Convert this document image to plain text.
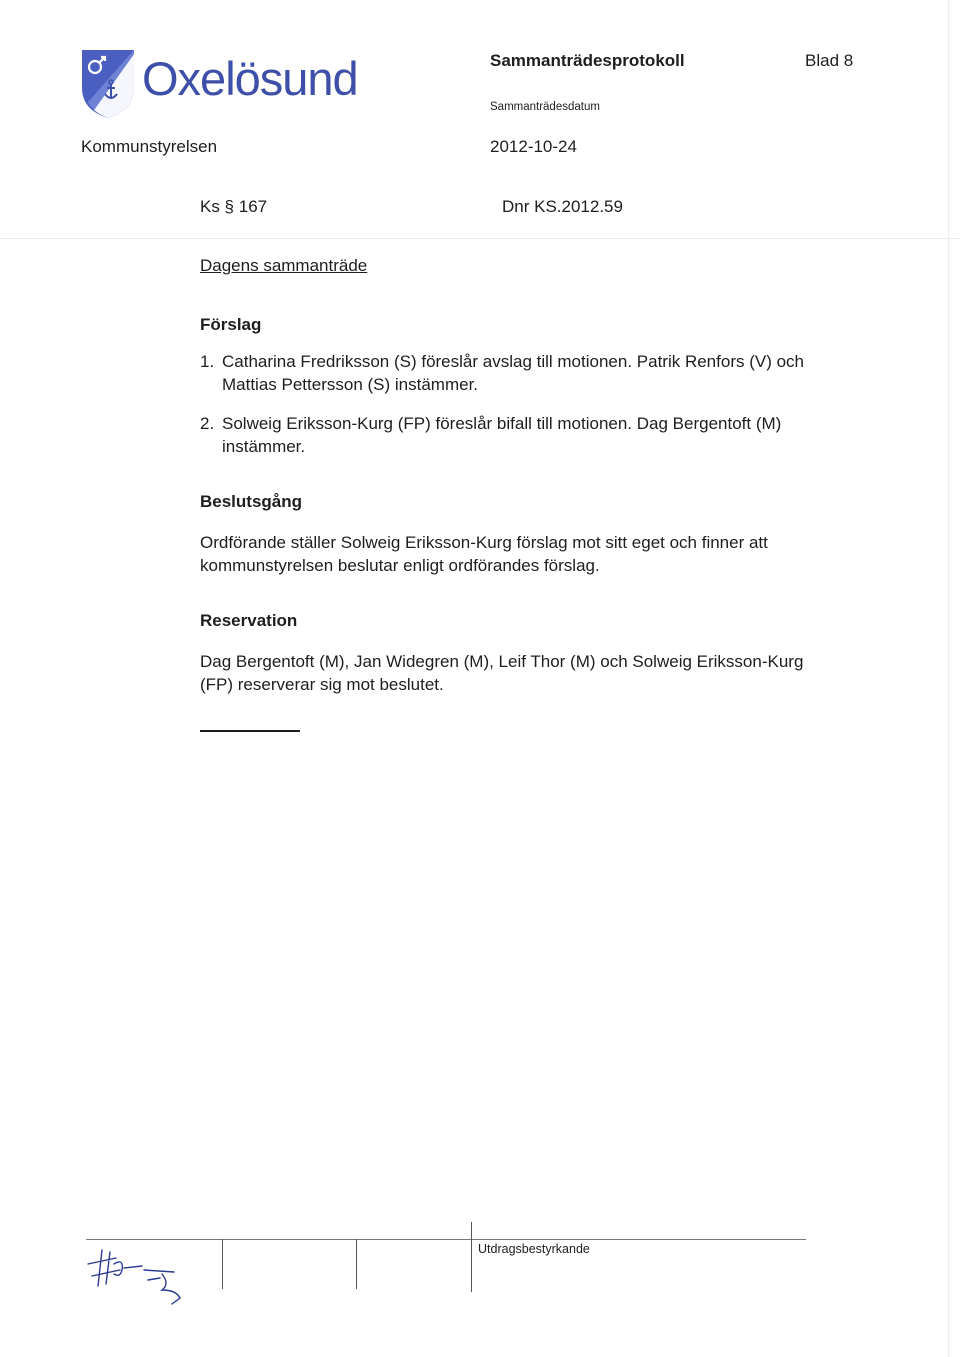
Oxelösund
Kommunstyrelsen
Sammanträdesprotokoll	Blad 8
Sammanträdesdatum
2012-10-24
Ks § 167	Dnr KS.2012.59
Dagens sammanträde
Förslag
1. Catharina Fredriksson (S) föreslår avslag till motionen. Patrik Renfors (V) och Mattias Pettersson (S) instämmer.
2. Solweig Eriksson-Kurg (FP) föreslår bifall till motionen. Dag Bergentoft (M) instämmer.
Beslutsgång
Ordförande ställer Solweig Eriksson-Kurg förslag mot sitt eget och finner att kommunstyrelsen beslutar enligt ordförandes förslag.
Reservation
Dag Bergentoft (M), Jan Widegren (M), Leif Thor (M) och Solweig Eriksson-Kurg (FP) reserverar sig mot beslutet.
Utdragsbestyrkande
